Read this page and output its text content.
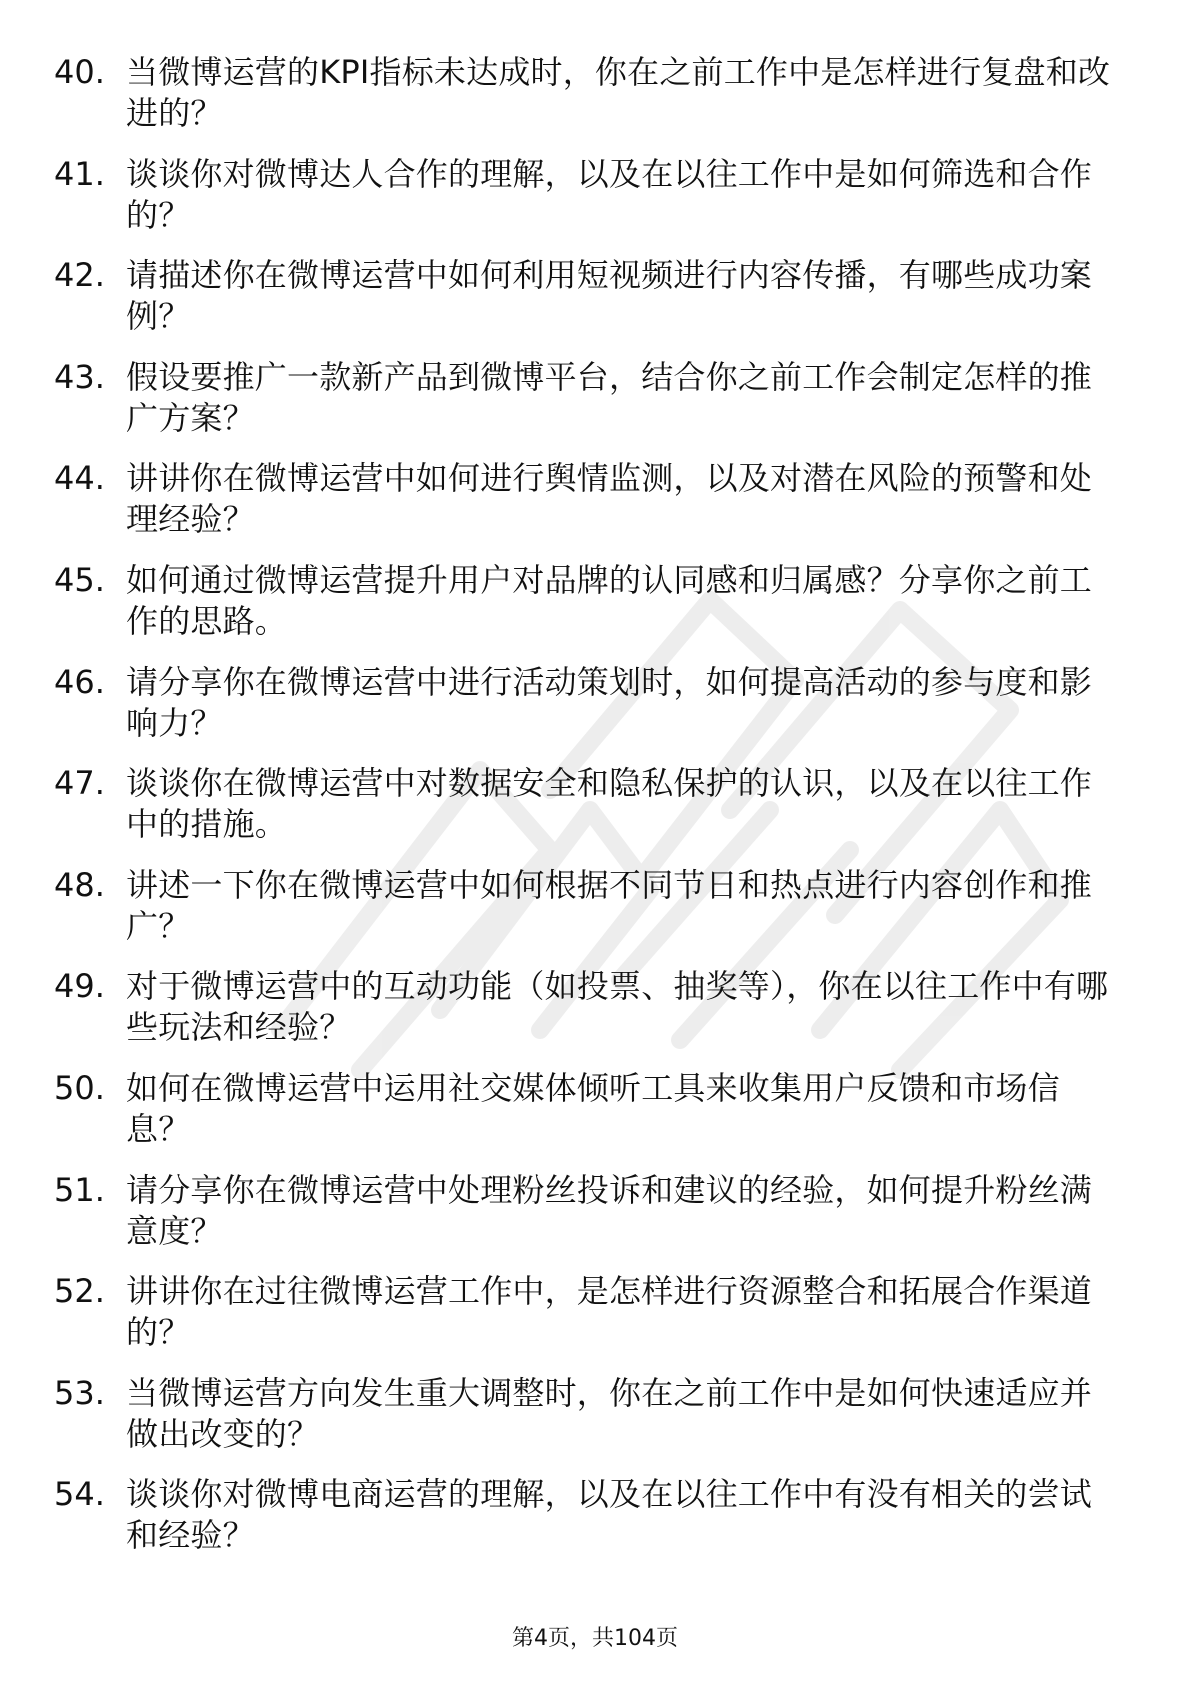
40. 当微博运营的KPI指标未达成时，你在之前工作中是怎样进行复盘和改进的？
41. 谈谈你对微博达人合作的理解，以及在以往工作中是如何筛选和合作的？
42. 请描述你在微博运营中如何利用短视频进行内容传播，有哪些成功案例？
43. 假设要推广一款新产品到微博平台，结合你之前工作会制定怎样的推广方案？
44. 讲讲你在微博运营中如何进行舆情监测，以及对潜在风险的预警和处理经验？
45. 如何通过微博运营提升用户对品牌的认同感和归属感？分享你之前工作的思路。
46. 请分享你在微博运营中进行活动策划时，如何提高活动的参与度和影响力？
47. 谈谈你在微博运营中对数据安全和隐私保护的认识，以及在以往工作中的措施。
48. 讲述一下你在微博运营中如何根据不同节日和热点进行内容创作和推广？
49. 对于微博运营中的互动功能（如投票、抽奖等），你在以往工作中有哪些玩法和经验？
50. 如何在微博运营中运用社交媒体倾听工具来收集用户反馈和市场信息？
51. 请分享你在微博运营中处理粉丝投诉和建议的经验，如何提升粉丝满意度？
52. 讲讲你在过往微博运营工作中，是怎样进行资源整合和拓展合作渠道的？
53. 当微博运营方向发生重大调整时，你在之前工作中是如何快速适应并做出改变的？
54. 谈谈你对微博电商运营的理解，以及在以往工作中有没有相关的尝试和经验？
第4页，共104页
